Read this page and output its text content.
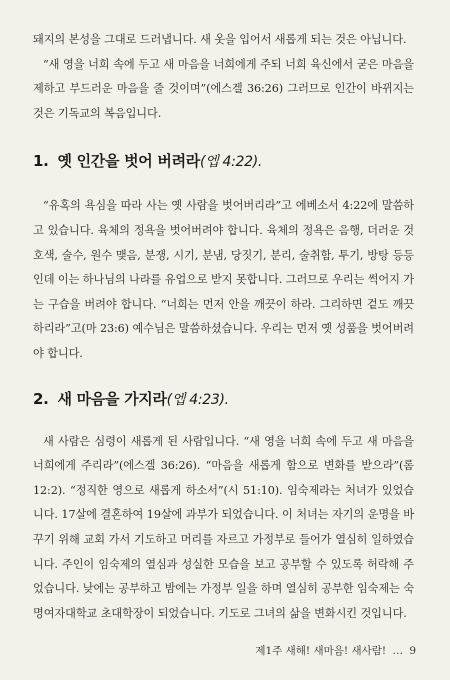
돼지의 본성을 그대로 드러냅니다. 새 옷을 입어서 새롭게 되는 것은 아닙니다.

“새 영을 너희 속에 두고 새 마음을 너희에게 주되 너희 육신에서 굳은 마음을 제하고 부드러운 마음을 줄 것이며”(에스겔 36:26) 그러므로 인간이 바뀌지는 것은 기독교의 복음입니다.

1. 옛 인간을 벗어 버려라(엡 4:22).

“유혹의 욕심을 따라 사는 옛 사람을 벗어버리라”고 에베소서 4:22에 말씀하고 있습니다. 육체의 정욕을 벗어버려야 합니다. 육체의 정욕은 음행, 더러운 것 호색, 술수, 원수 맺음, 분쟁, 시기, 분냄, 당짓기, 분리, 술취함, 투기, 방탕 등등인데 이는 하나님의 나라를 유업으로 받지 못합니다. 그러므로 우리는 썩어지 가는 구습을 버려야 합니다. “너희는 먼저 안을 깨끗이 하라. 그리하면 겉도 깨끗하리라”고(마 23:6) 예수님은 말씀하셨습니다. 우리는 먼저 옛 성품을 벗어버려야 합니다.

2. 새 마음을 가지라(엡 4:23).

새 사람은 심령이 새롭게 된 사람입니다. “새 영을 너희 속에 두고 새 마음을 너희에게 주리라”(에스겔 36:26). “마음을 새롭게 함으로 변화를 받으라”(롬 12:2). “정직한 영으로 새롭게 하소서”(시 51:10). 임숙제라는 처녀가 있었습니다. 17살에 결혼하여 19살에 과부가 되었습니다. 이 처녀는 자기의 운명을 바꾸기 위해 교회 가서 기도하고 머리를 자르고 가정부로 들어가 열심히 일하였습니다. 주인이 임숙제의 열심과 성실한 모습을 보고 공부할 수 있도록 허락해 주었습니다. 낮에는 공부하고 밤에는 가정부 일을 하며 열심히 공부한 임숙제는 숙명여자대학교 초대학장이 되었습니다. 기도로 그녀의 삶을 변화시킨 것입니다.

제1주 새해! 새마음! 새사람! … 9
